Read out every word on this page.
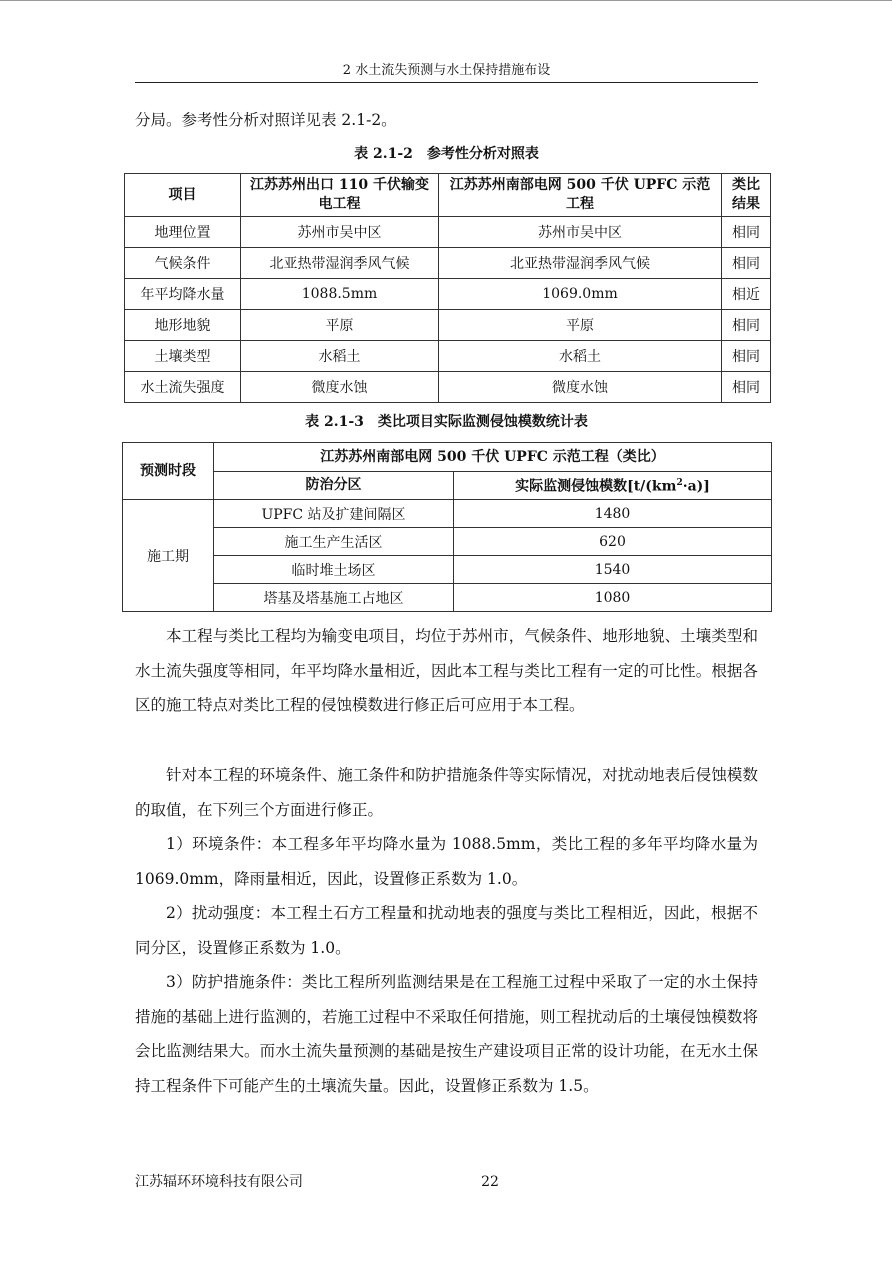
2 水土流失预测与水土保持措施布设

分局。参考性分析对照详见表 2.1-2。

表 2.1-2　参考性分析对照表
项目	江苏苏州出口 110 千伏输变电工程	江苏苏州南部电网 500 千伏 UPFC 示范工程	类比结果
地理位置	苏州市吴中区	苏州市吴中区	相同
气候条件	北亚热带湿润季风气候	北亚热带湿润季风气候	相同
年平均降水量	1088.5mm	1069.0mm	相近
地形地貌	平原	平原	相同
土壤类型	水稻土	水稻土	相同
水土流失强度	微度水蚀	微度水蚀	相同
表 2.1-3　类比项目实际监测侵蚀模数统计表
预测时段	江苏苏州南部电网 500 千伏 UPFC 示范工程（类比）	
	防治分区	实际监测侵蚀模数$[t/(km^2\cdot a)]$
施工期	UPFC 站及扩建间隔区	1480
	施工生产生活区	620
	临时堆土场区	1540
	塔基及塔基施工占地区	1080

本工程与类比工程均为输变电项目，均位于苏州市，气候条件、地形地貌、土壤类型和水土流失强度等相同，年平均降水量相近，因此本工程与类比工程有一定的可比性。根据各区的施工特点对类比工程的侵蚀模数进行修正后可应用于本工程。

针对本工程的环境条件、施工条件和防护措施条件等实际情况，对扰动地表后侵蚀模数的取值，在下列三个方面进行修正。

1）环境条件：本工程多年平均降水量为 1088.5mm，类比工程的多年平均降水量为 1069.0mm，降雨量相近，因此，设置修正系数为 1.0。

2）扰动强度：本工程土石方工程量和扰动地表的强度与类比工程相近，因此，根据不同分区，设置修正系数为 1.0。

3）防护措施条件：类比工程所列监测结果是在工程施工过程中采取了一定的水土保持措施的基础上进行监测的，若施工过程中不采取任何措施，则工程扰动后的土壤侵蚀模数将会比监测结果大。而水土流失量预测的基础是按生产建设项目正常的设计功能，在无水土保持工程条件下可能产生的土壤流失量。因此，设置修正系数为 1.5。

江苏辐环环境科技有限公司	22
